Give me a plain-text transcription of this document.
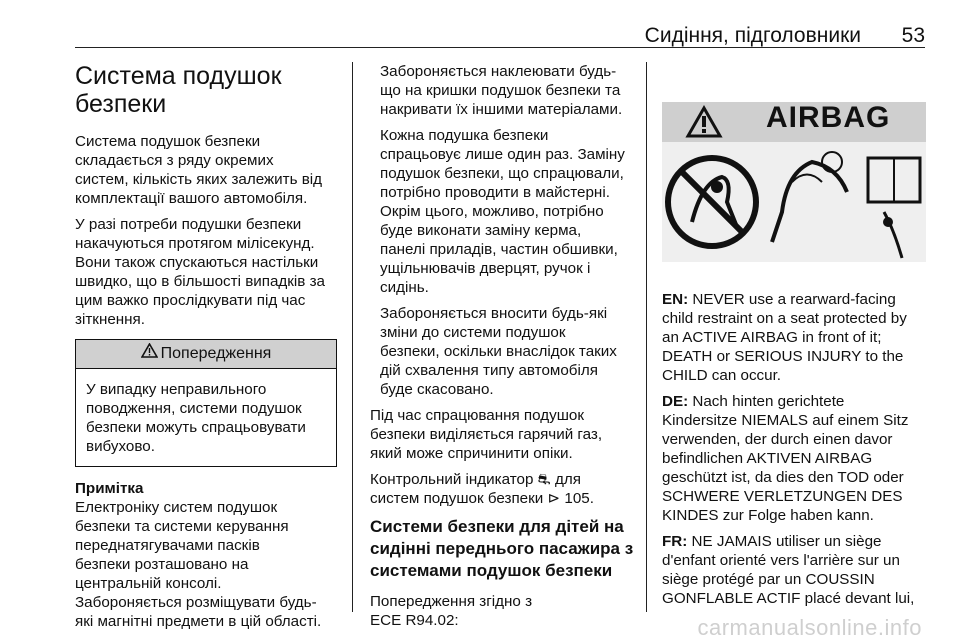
Сидіння, підголовники 53
Система подушок
безпеки

Система подушок безпеки
складається з ряду окремих
систем, кількість яких залежить від
комплектації вашого автомобіля.

У разі потреби подушки безпеки
накачуються протягом мілісекунд.
Вони також спускаються настільки
швидко, що в більшості випадків за
цим важко прослідкувати під час
зіткнення.

Попередження
У випадку неправильного
поводження, системи подушок
безпеки можуть спрацьовувати
вибухово.
Примітка
Електроніку систем подушок
безпеки та системи керування
переднатягувачами пасків
безпеки розташовано на
центральній консолі.
Забороняється розміщувати будь-
які магнітні предмети в цій області.

Забороняється наклеювати будь-
що на кришки подушок безпеки та
накривати їх іншими матеріалами.

Кожна подушка безпеки
спрацьовує лише один раз. Заміну
подушок безпеки, що спрацювали,
потрібно проводити в майстерні.
Окрім цього, можливо, потрібно
буде виконати заміну керма,
панелі приладів, частин обшивки,
ущільнювачів дверцят, ручок і
сидінь.

Забороняється вносити будь-які
зміни до системи подушок
безпеки, оскільки внаслідок таких
дій схвалення типу автомобіля
буде скасовано.

Під час спрацювання подушок
безпеки виділяється гарячий газ,
який може спричинити опіки.

Контрольний індикатор ⛐ для
систем подушок безпеки ⊳ 105.

Системи безпеки для дітей на
сидінні переднього пасажира з
системами подушок безпеки

Попередження згідно з
ECE R94.02:

AIRBAG

EN: NEVER use a rearward-facing
child restraint on a seat protected by
an ACTIVE AIRBAG in front of it;
DEATH or SERIOUS INJURY to the
CHILD can occur.

DE: Nach hinten gerichtete
Kindersitze NIEMALS auf einem Sitz
verwenden, der durch einen davor
befindlichen AKTIVEN AIRBAG
geschützt ist, da dies den TOD oder
SCHWERE VERLETZUNGEN DES
KINDES zur Folge haben kann.

FR: NE JAMAIS utiliser un siège
d'enfant orienté vers l'arrière sur un
siège protégé par un COUSSIN
GONFLABLE ACTIF placé devant lui,

carmanualsonline.info
